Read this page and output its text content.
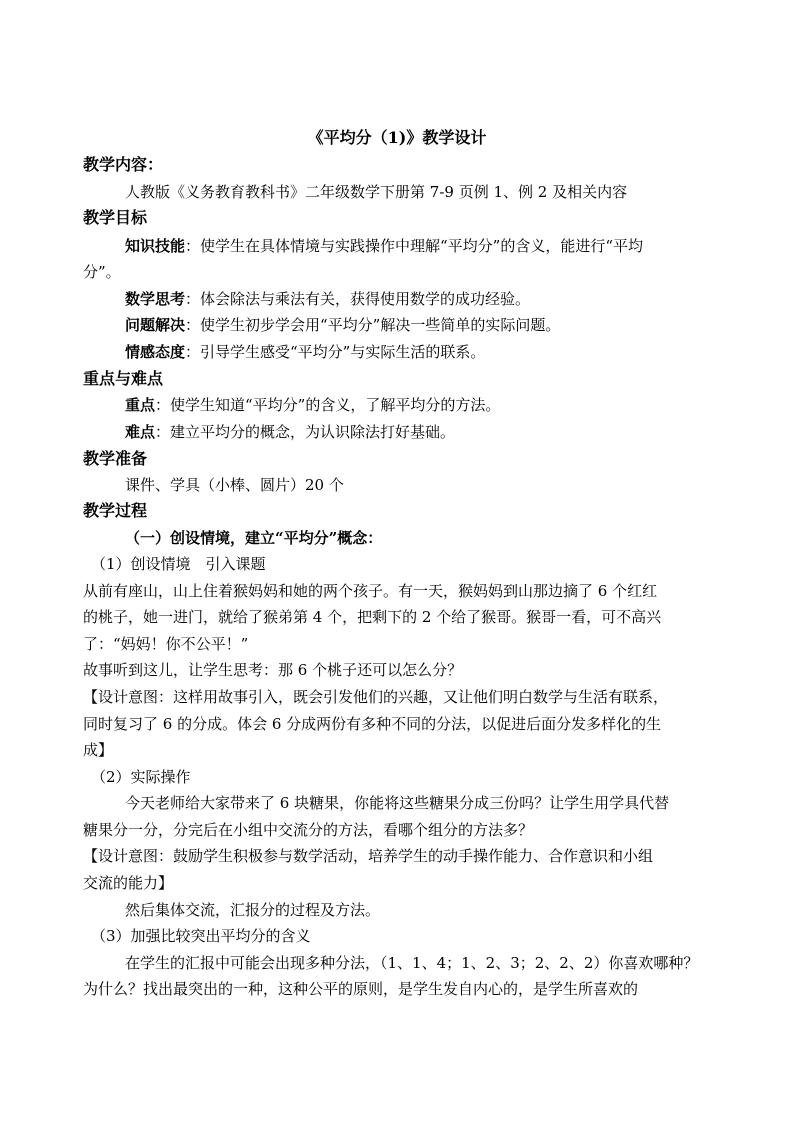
《平均分（1)》教学设计
教学内容：
人教版《义务教育教科书》二年级数学下册第 7-9 页例 1、例 2 及相关内容
教学目标
知识技能：使学生在具体情境与实践操作中理解“平均分”的含义，能进行“平均
分”。
数学思考：体会除法与乘法有关，获得使用数学的成功经验。
问题解决：使学生初步学会用“平均分”解决一些简单的实际问题。
情感态度：引导学生感受“平均分”与实际生活的联系。
重点与难点
重点：使学生知道“平均分”的含义，了解平均分的方法。
难点：建立平均分的概念，为认识除法打好基础。
教学准备
课件、学具（小棒、圆片）20 个
教学过程
（一）创设情境，建立“平均分”概念：
（1）创设情境　引入课题
从前有座山，山上住着猴妈妈和她的两个孩子。有一天，猴妈妈到山那边摘了 6 个红红
的桃子，她一进门，就给了猴弟第 4 个，把剩下的 2 个给了猴哥。猴哥一看，可不高兴
了：“妈妈！你不公平！”
故事听到这儿，让学生思考：那 6 个桃子还可以怎么分？
【设计意图：这样用故事引入，既会引发他们的兴趣，又让他们明白数学与生活有联系，
同时复习了 6 的分成。体会 6 分成两份有多种不同的分法，以促进后面分发多样化的生
成】
（2）实际操作
今天老师给大家带来了 6 块糖果，你能将这些糖果分成三份吗？让学生用学具代替
糖果分一分，分完后在小组中交流分的方法，看哪个组分的方法多？
【设计意图：鼓励学生积极参与数学活动，培养学生的动手操作能力、合作意识和小组
交流的能力】
然后集体交流，汇报分的过程及方法。
（3）加强比较突出平均分的含义
在学生的汇报中可能会出现多种分法，（1、1、4；1、2、3；2、2、2）你喜欢哪种？
为什么？找出最突出的一种，这种公平的原则，是学生发自内心的，是学生所喜欢的
